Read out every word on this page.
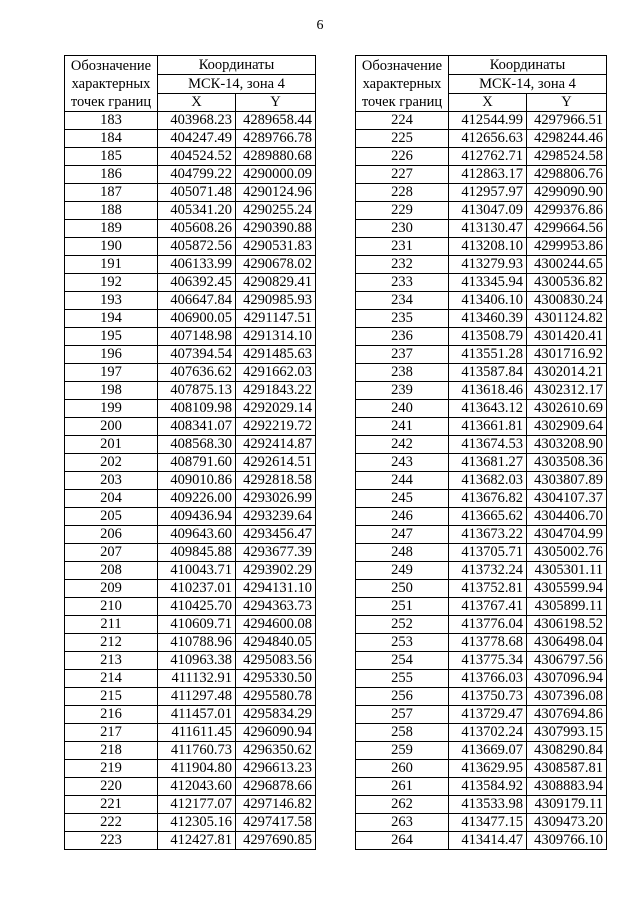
6
Обозначение
характерных
точек границ	Координаты	
	МСК-14, зона 4	
	X	Y
183	403968.23	4289658.44
184	404247.49	4289766.78
185	404524.52	4289880.68
186	404799.22	4290000.09
187	405071.48	4290124.96
188	405341.20	4290255.24
189	405608.26	4290390.88
190	405872.56	4290531.83
191	406133.99	4290678.02
192	406392.45	4290829.41
193	406647.84	4290985.93
194	406900.05	4291147.51
195	407148.98	4291314.10
196	407394.54	4291485.63
197	407636.62	4291662.03
198	407875.13	4291843.22
199	408109.98	4292029.14
200	408341.07	4292219.72
201	408568.30	4292414.87
202	408791.60	4292614.51
203	409010.86	4292818.58
204	409226.00	4293026.99
205	409436.94	4293239.64
206	409643.60	4293456.47
207	409845.88	4293677.39
208	410043.71	4293902.29
209	410237.01	4294131.10
210	410425.70	4294363.73
211	410609.71	4294600.08
212	410788.96	4294840.05
213	410963.38	4295083.56
214	411132.91	4295330.50
215	411297.48	4295580.78
216	411457.01	4295834.29
217	411611.45	4296090.94
218	411760.73	4296350.62
219	411904.80	4296613.23
220	412043.60	4296878.66
221	412177.07	4297146.82
222	412305.16	4297417.58
223	412427.81	4297690.85
Обозначение
характерных
точек границ	Координаты	
	МСК-14, зона 4	
	X	Y
224	412544.99	4297966.51
225	412656.63	4298244.46
226	412762.71	4298524.58
227	412863.17	4298806.76
228	412957.97	4299090.90
229	413047.09	4299376.86
230	413130.47	4299664.56
231	413208.10	4299953.86
232	413279.93	4300244.65
233	413345.94	4300536.82
234	413406.10	4300830.24
235	413460.39	4301124.82
236	413508.79	4301420.41
237	413551.28	4301716.92
238	413587.84	4302014.21
239	413618.46	4302312.17
240	413643.12	4302610.69
241	413661.81	4302909.64
242	413674.53	4303208.90
243	413681.27	4303508.36
244	413682.03	4303807.89
245	413676.82	4304107.37
246	413665.62	4304406.70
247	413673.22	4304704.99
248	413705.71	4305002.76
249	413732.24	4305301.11
250	413752.81	4305599.94
251	413767.41	4305899.11
252	413776.04	4306198.52
253	413778.68	4306498.04
254	413775.34	4306797.56
255	413766.03	4307096.94
256	413750.73	4307396.08
257	413729.47	4307694.86
258	413702.24	4307993.15
259	413669.07	4308290.84
260	413629.95	4308587.81
261	413584.92	4308883.94
262	413533.98	4309179.11
263	413477.15	4309473.20
264	413414.47	4309766.10
